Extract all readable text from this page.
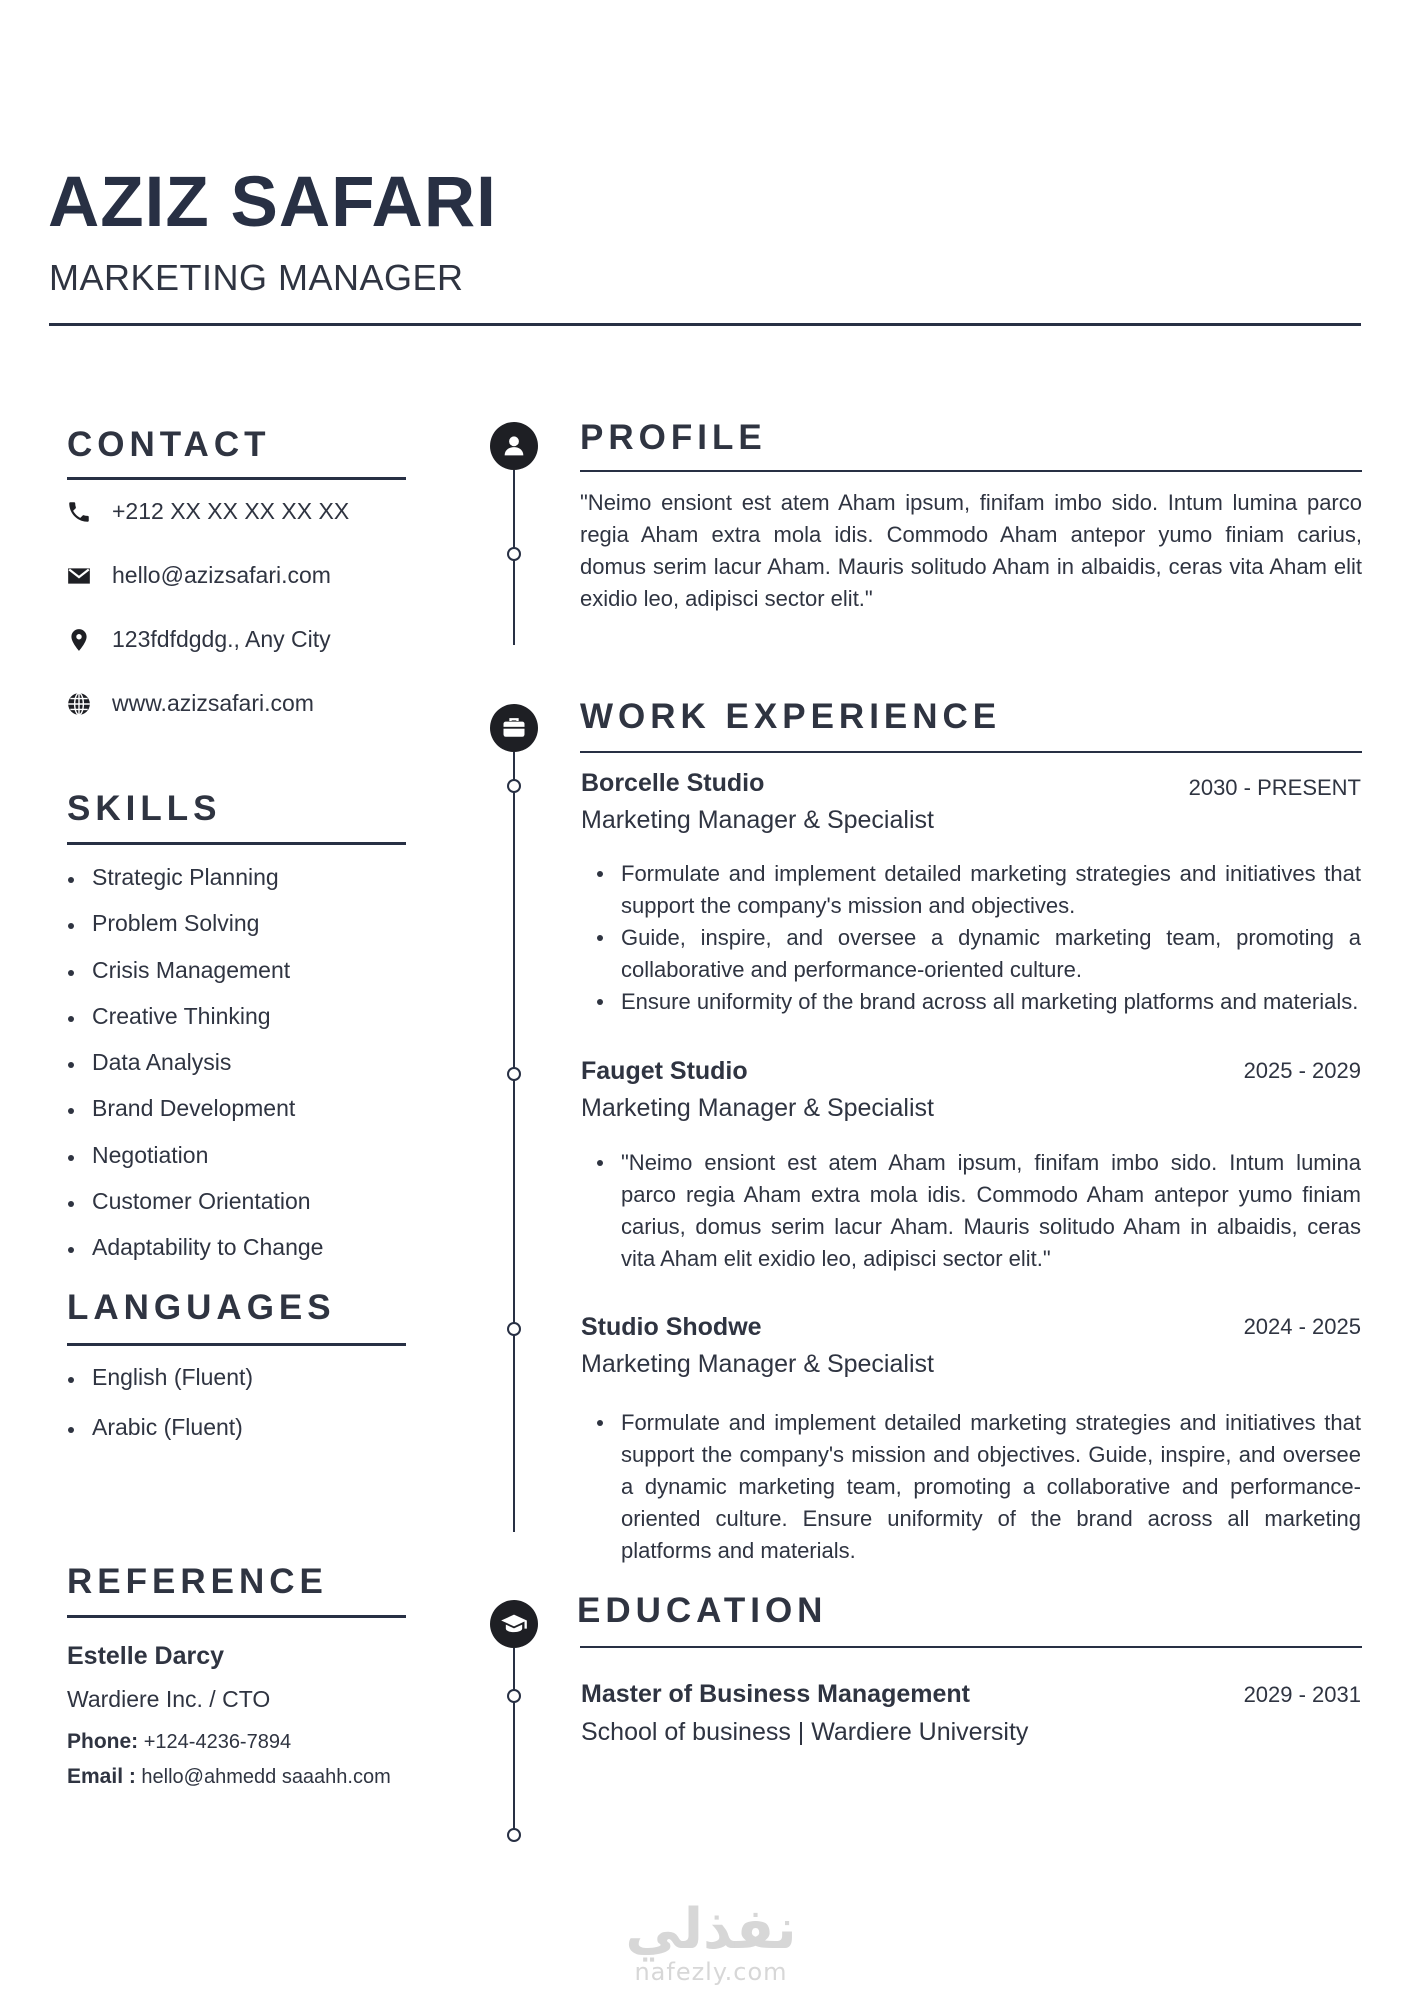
AZIZ SAFARI
MARKETING MANAGER
CONTACT
+212 XX XX XX XX XX
hello@azizsafari.com
123fdfdgdg., Any City
www.azizsafari.com
SKILLS
Strategic Planning
Problem Solving
Crisis Management
Creative Thinking
Data Analysis
Brand Development
Negotiation
Customer Orientation
Adaptability to Change
LANGUAGES
English (Fluent)
Arabic (Fluent)
REFERENCE
Estelle Darcy
Wardiere Inc. / CTO
Phone: +124-4236-7894
Email : hello@ahmedd saaahh.com
PROFILE
"Neimo ensiont est atem Aham ipsum, finifam imbo sido. Intum lumina parco regia Aham extra mola idis. Commodo Aham antepor yumo finiam carius, domus serim lacur Aham. Mauris solitudo Aham in albaidis, ceras vita Aham elit exidio leo, adipisci sector elit."
WORK EXPERIENCE
Borcelle Studio	2030 - PRESENT
Marketing Manager & Specialist
Formulate and implement detailed marketing strategies and initiatives that support the company's mission and objectives.
Guide, inspire, and oversee a dynamic marketing team, promoting a collaborative and performance-oriented culture.
Ensure uniformity of the brand across all marketing platforms and materials.
Fauget Studio	2025 - 2029
Marketing Manager & Specialist
"Neimo ensiont est atem Aham ipsum, finifam imbo sido. Intum lumina parco regia Aham extra mola idis. Commodo Aham antepor yumo finiam carius, domus serim lacur Aham. Mauris solitudo Aham in albaidis, ceras vita Aham elit exidio leo, adipisci sector elit."
Studio Shodwe	2024 - 2025
Marketing Manager & Specialist
Formulate and implement detailed marketing strategies and initiatives that support the company's mission and objectives. Guide, inspire, and oversee a dynamic marketing team, promoting a collaborative and performance-oriented culture. Ensure uniformity of the brand across all marketing platforms and materials.
EDUCATION
Master of Business Management	2029 - 2031
School of business | Wardiere University
نفذلي
nafezly.com
